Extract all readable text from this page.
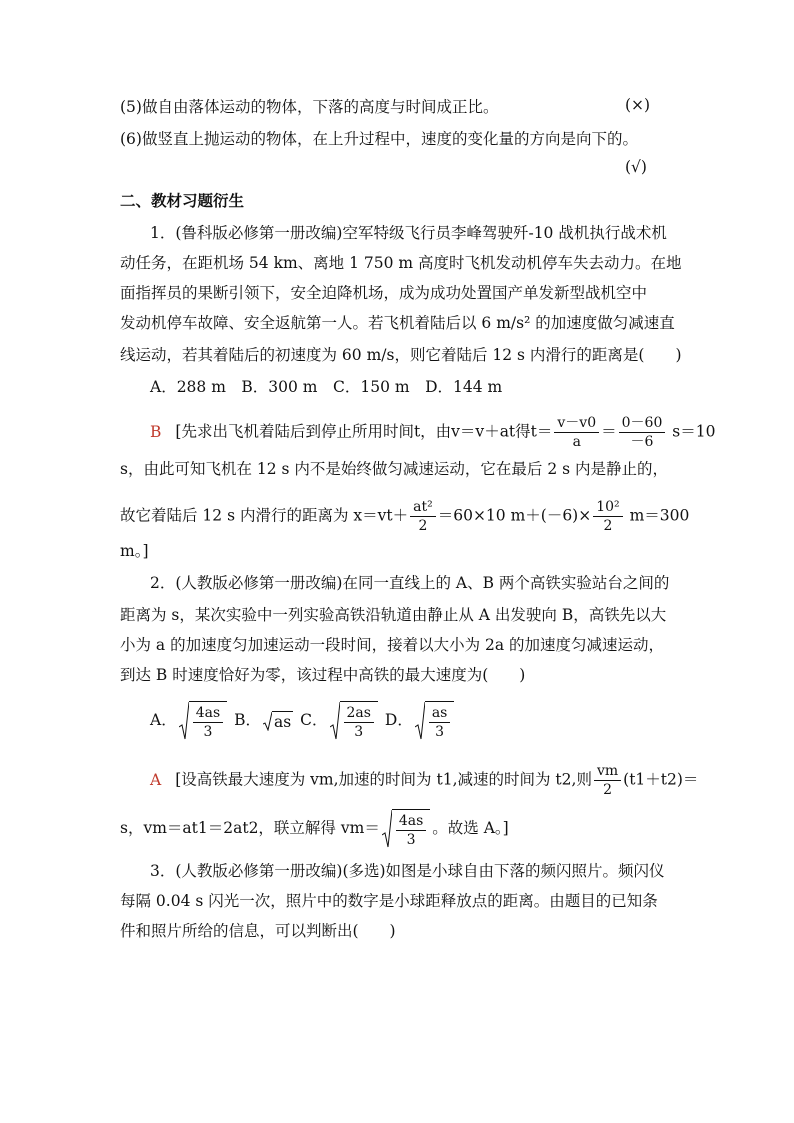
(5)做自由落体运动的物体，下落的高度与时间成正比。	(×)
(6)做竖直上抛运动的物体，在上升过程中，速度的变化量的方向是向下的。
(√)
二、教材习题衍生
1．(鲁科版必修第一册改编)空军特级飞行员李峰驾驶歼-10 战机执行战术机
动任务，在距机场 54 km、离地 1 750 m 高度时飞机发动机停车失去动力。在地
面指挥员的果断引领下，安全迫降机场，成为成功处置国产单发新型战机空中
发动机停车故障、安全返航第一人。若飞机着陆后以 6 m/s² 的加速度做匀减速直
线运动，若其着陆后的初速度为 60 m/s，则它着陆后 12 s 内滑行的距离是(　　)
A．288 m　B．300 m　C．150 m　D．144 m
B [先求出飞机着陆后到停止所用时间t，由v＝v＋at得$t= \frac{v-v0}{a} = \frac{0-60}{-6} s=10$
s，由此可知飞机在 12 s 内不是始终做匀减速运动，它在最后 2 s 内是静止的，
故它着陆后 12 s 内滑行的距离为 $x=vt+ \frac{\text{at²}}{2} =60\times 10$ $m+(-6)\times \frac{\text{10²}}{2} m=300$
m。]
2．(人教版必修第一册改编)在同一直线上的 A、B 两个高铁实验站台之间的
距离为 s，某次实验中一列实验高铁沿轨道由静止从 A 出发驶向 B，高铁先以大
小为 a 的加速度匀加速运动一段时间，接着以大小为 2a 的加速度匀减速运动，
到达 B 时速度恰好为零，该过程中高铁的最大速度为(　　)
A． $\frac{4as}{3}$ B． as C． $\frac{2as}{3}$ D． $\frac{as}{3}$
A [设高铁最大速度为 vm,加速的时间为 t1,减速的时间为 t2,则 $\frac{vm}{2} (t1+t2)=$
s，vm＝at1＝2at2，联立解得 $vm= \frac{4as}{3}$ 。故选 A。]
3．(人教版必修第一册改编)(多选)如图是小球自由下落的频闪照片。频闪仪
每隔 0.04 s 闪光一次，照片中的数字是小球距释放点的距离。由题目的已知条
件和照片所给的信息，可以判断出(　　)
